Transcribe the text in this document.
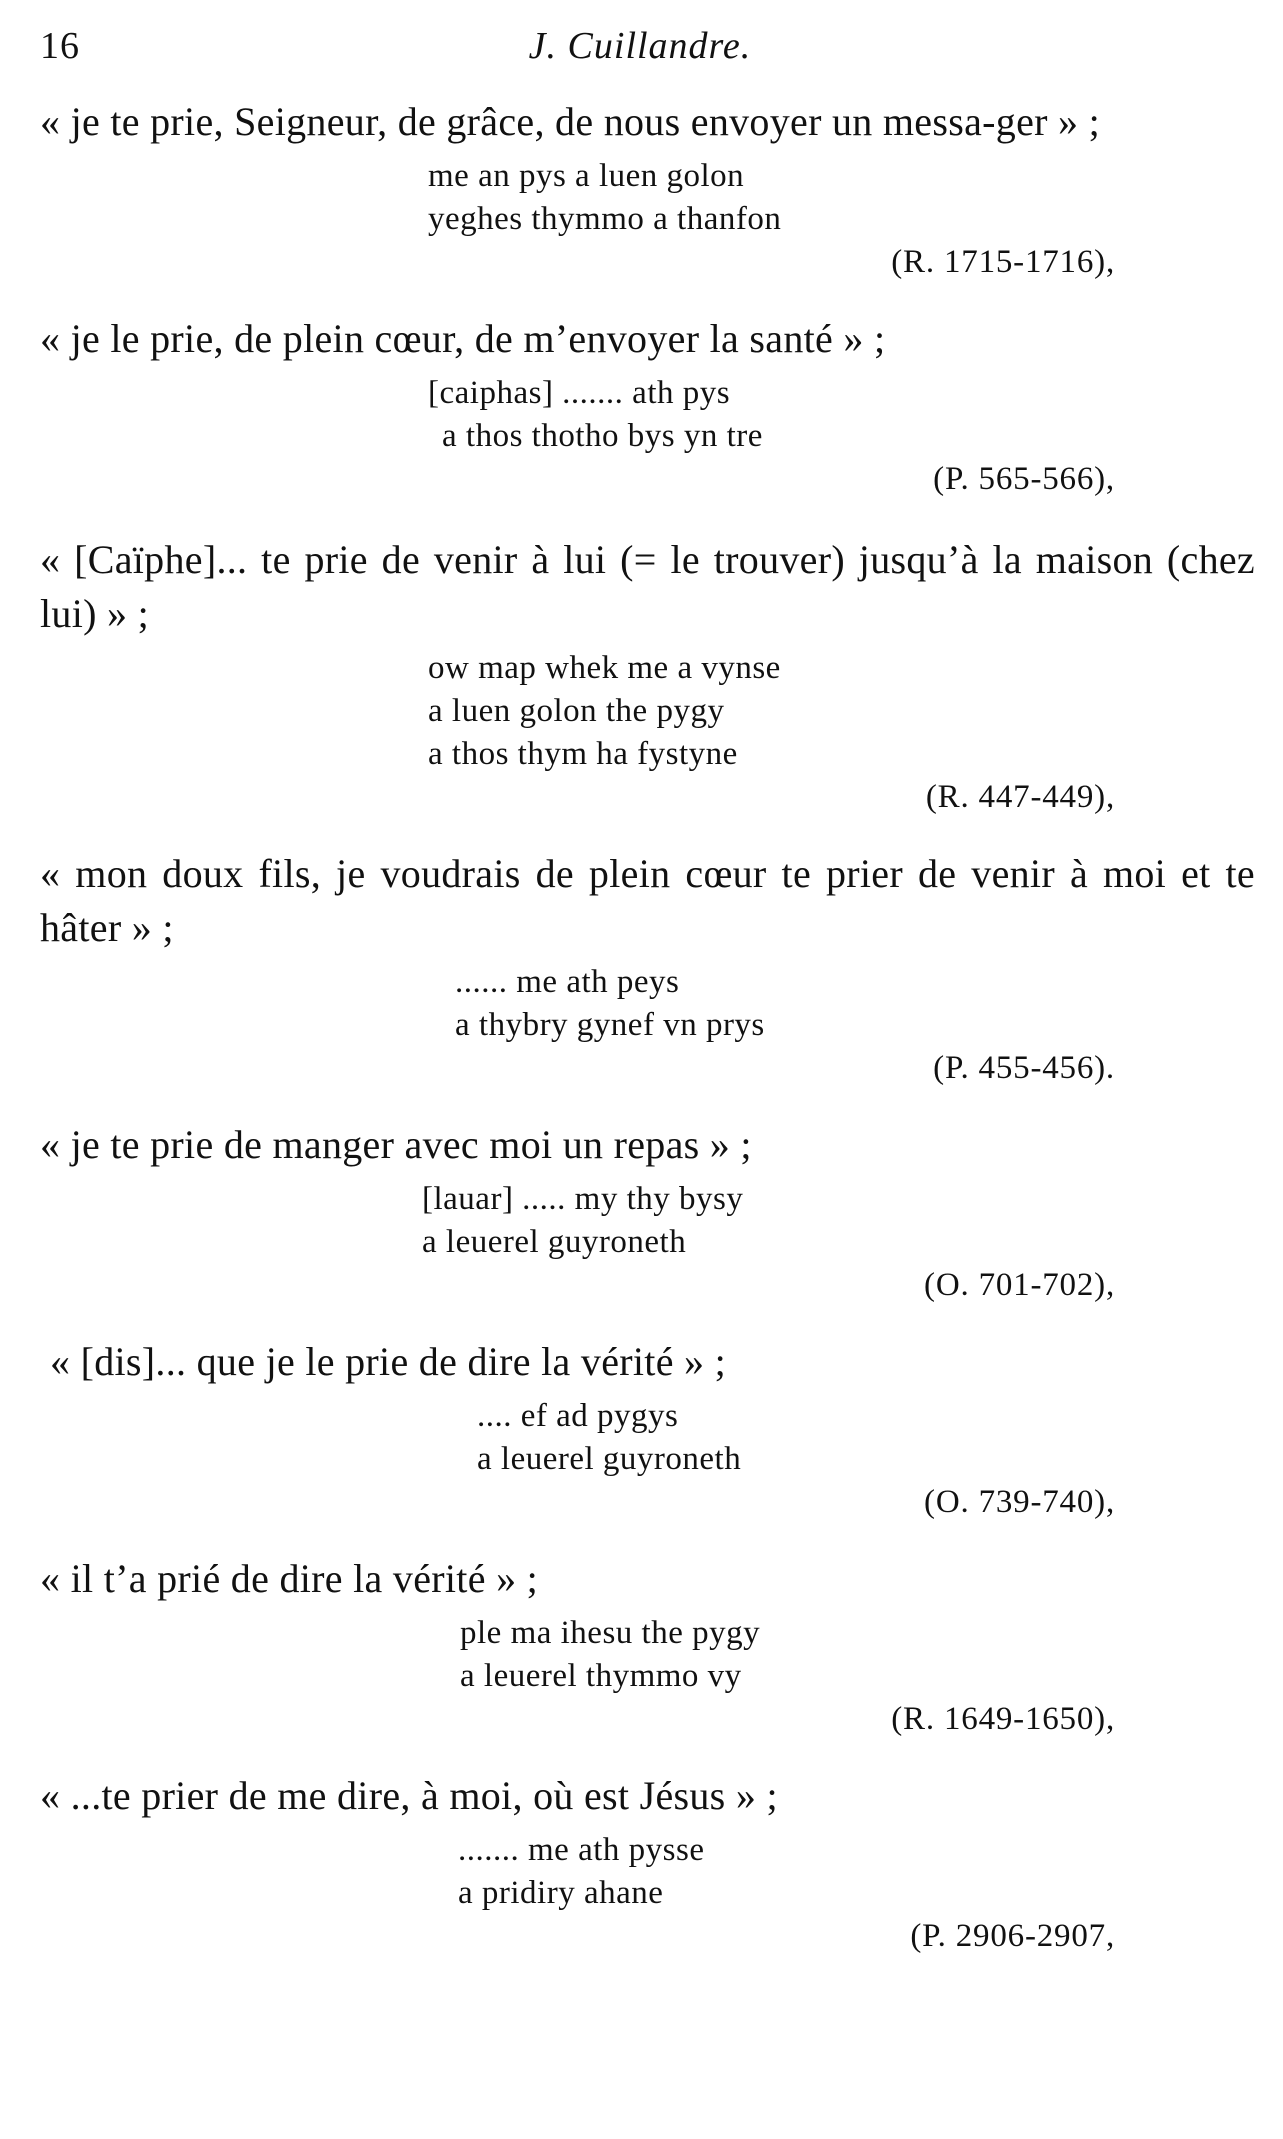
16	J. Cuillandre.

« je te prie, Seigneur, de grâce, de nous envoyer un messa-ger » ;

me an pys a luen golon
yeghes thymmo a thanfon

(R. 1715-1716),

« je le prie, de plein cœur, de m’envoyer la santé » ;

[caiphas] ....... ath pys
a thos thotho bys yn tre

(P. 565-566),

« [Caïphe]... te prie de venir à lui (= le trouver) jusqu’à la maison (chez lui) » ;

ow map whek me a vynse
a luen golon the pygy
a thos thym ha fystyne

(R. 447-449),

« mon doux fils, je voudrais de plein cœur te prier de venir à moi et te hâter » ;

...... me ath peys
a thybry gynef vn prys

(P. 455-456).

« je te prie de manger avec moi un repas » ;

[lauar] ..... my thy bysy
a leuerel guyroneth

(O. 701-702),

« [dis]... que je le prie de dire la vérité » ;

.... ef ad pygys
a leuerel guyroneth

(O. 739-740),

« il t’a prié de dire la vérité » ;

ple ma ihesu the pygy
a leuerel thymmo vy

(R. 1649-1650),

« ...te prier de me dire, à moi, où est Jésus » ;

....... me ath pysse
a pridiry ahane

(P. 2906-2907,
